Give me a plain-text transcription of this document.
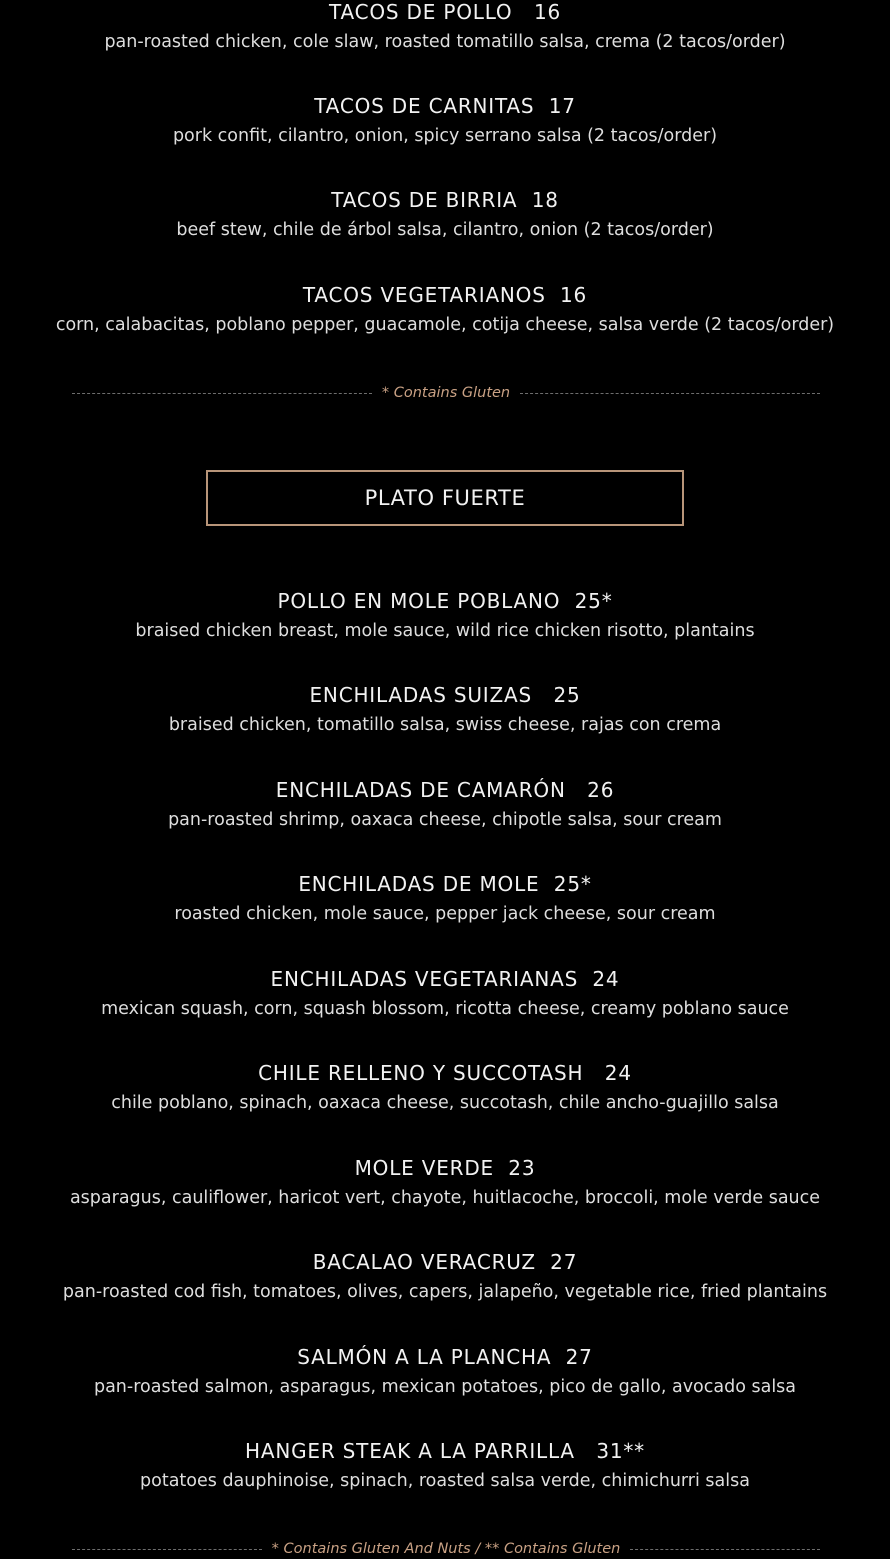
TACOS DE POLLO   16
pan-roasted chicken, cole slaw, roasted tomatillo salsa, crema (2 tacos/order)
TACOS DE CARNITAS  17
pork confit, cilantro, onion, spicy serrano salsa (2 tacos/order)
TACOS DE BIRRIA  18
beef stew, chile de árbol salsa, cilantro, onion (2 tacos/order)
TACOS VEGETARIANOS  16
corn, calabacitas, poblano pepper, guacamole, cotija cheese, salsa verde (2 tacos/order)
* Contains Gluten
PLATO FUERTE
POLLO EN MOLE POBLANO  25*
braised chicken breast, mole sauce, wild rice chicken risotto, plantains
ENCHILADAS SUIZAS   25
braised chicken, tomatillo salsa, swiss cheese, rajas con crema
ENCHILADAS DE CAMARÓN   26
pan-roasted shrimp, oaxaca cheese, chipotle salsa, sour cream
ENCHILADAS DE MOLE  25*
roasted chicken, mole sauce, pepper jack cheese, sour cream
ENCHILADAS VEGETARIANAS  24
mexican squash, corn, squash blossom, ricotta cheese, creamy poblano sauce
CHILE RELLENO Y SUCCOTASH   24
chile poblano, spinach, oaxaca cheese, succotash, chile ancho-guajillo salsa
MOLE VERDE  23
asparagus, cauliflower, haricot vert, chayote, huitlacoche, broccoli, mole verde sauce
BACALAO VERACRUZ  27
pan-roasted cod fish, tomatoes, olives, capers, jalapeño, vegetable rice, fried plantains
SALMÓN A LA PLANCHA  27
pan-roasted salmon, asparagus, mexican potatoes, pico de gallo, avocado salsa
HANGER STEAK A LA PARRILLA   31**
potatoes dauphinoise, spinach, roasted salsa verde, chimichurri salsa
* Contains Gluten And Nuts / ** Contains Gluten
